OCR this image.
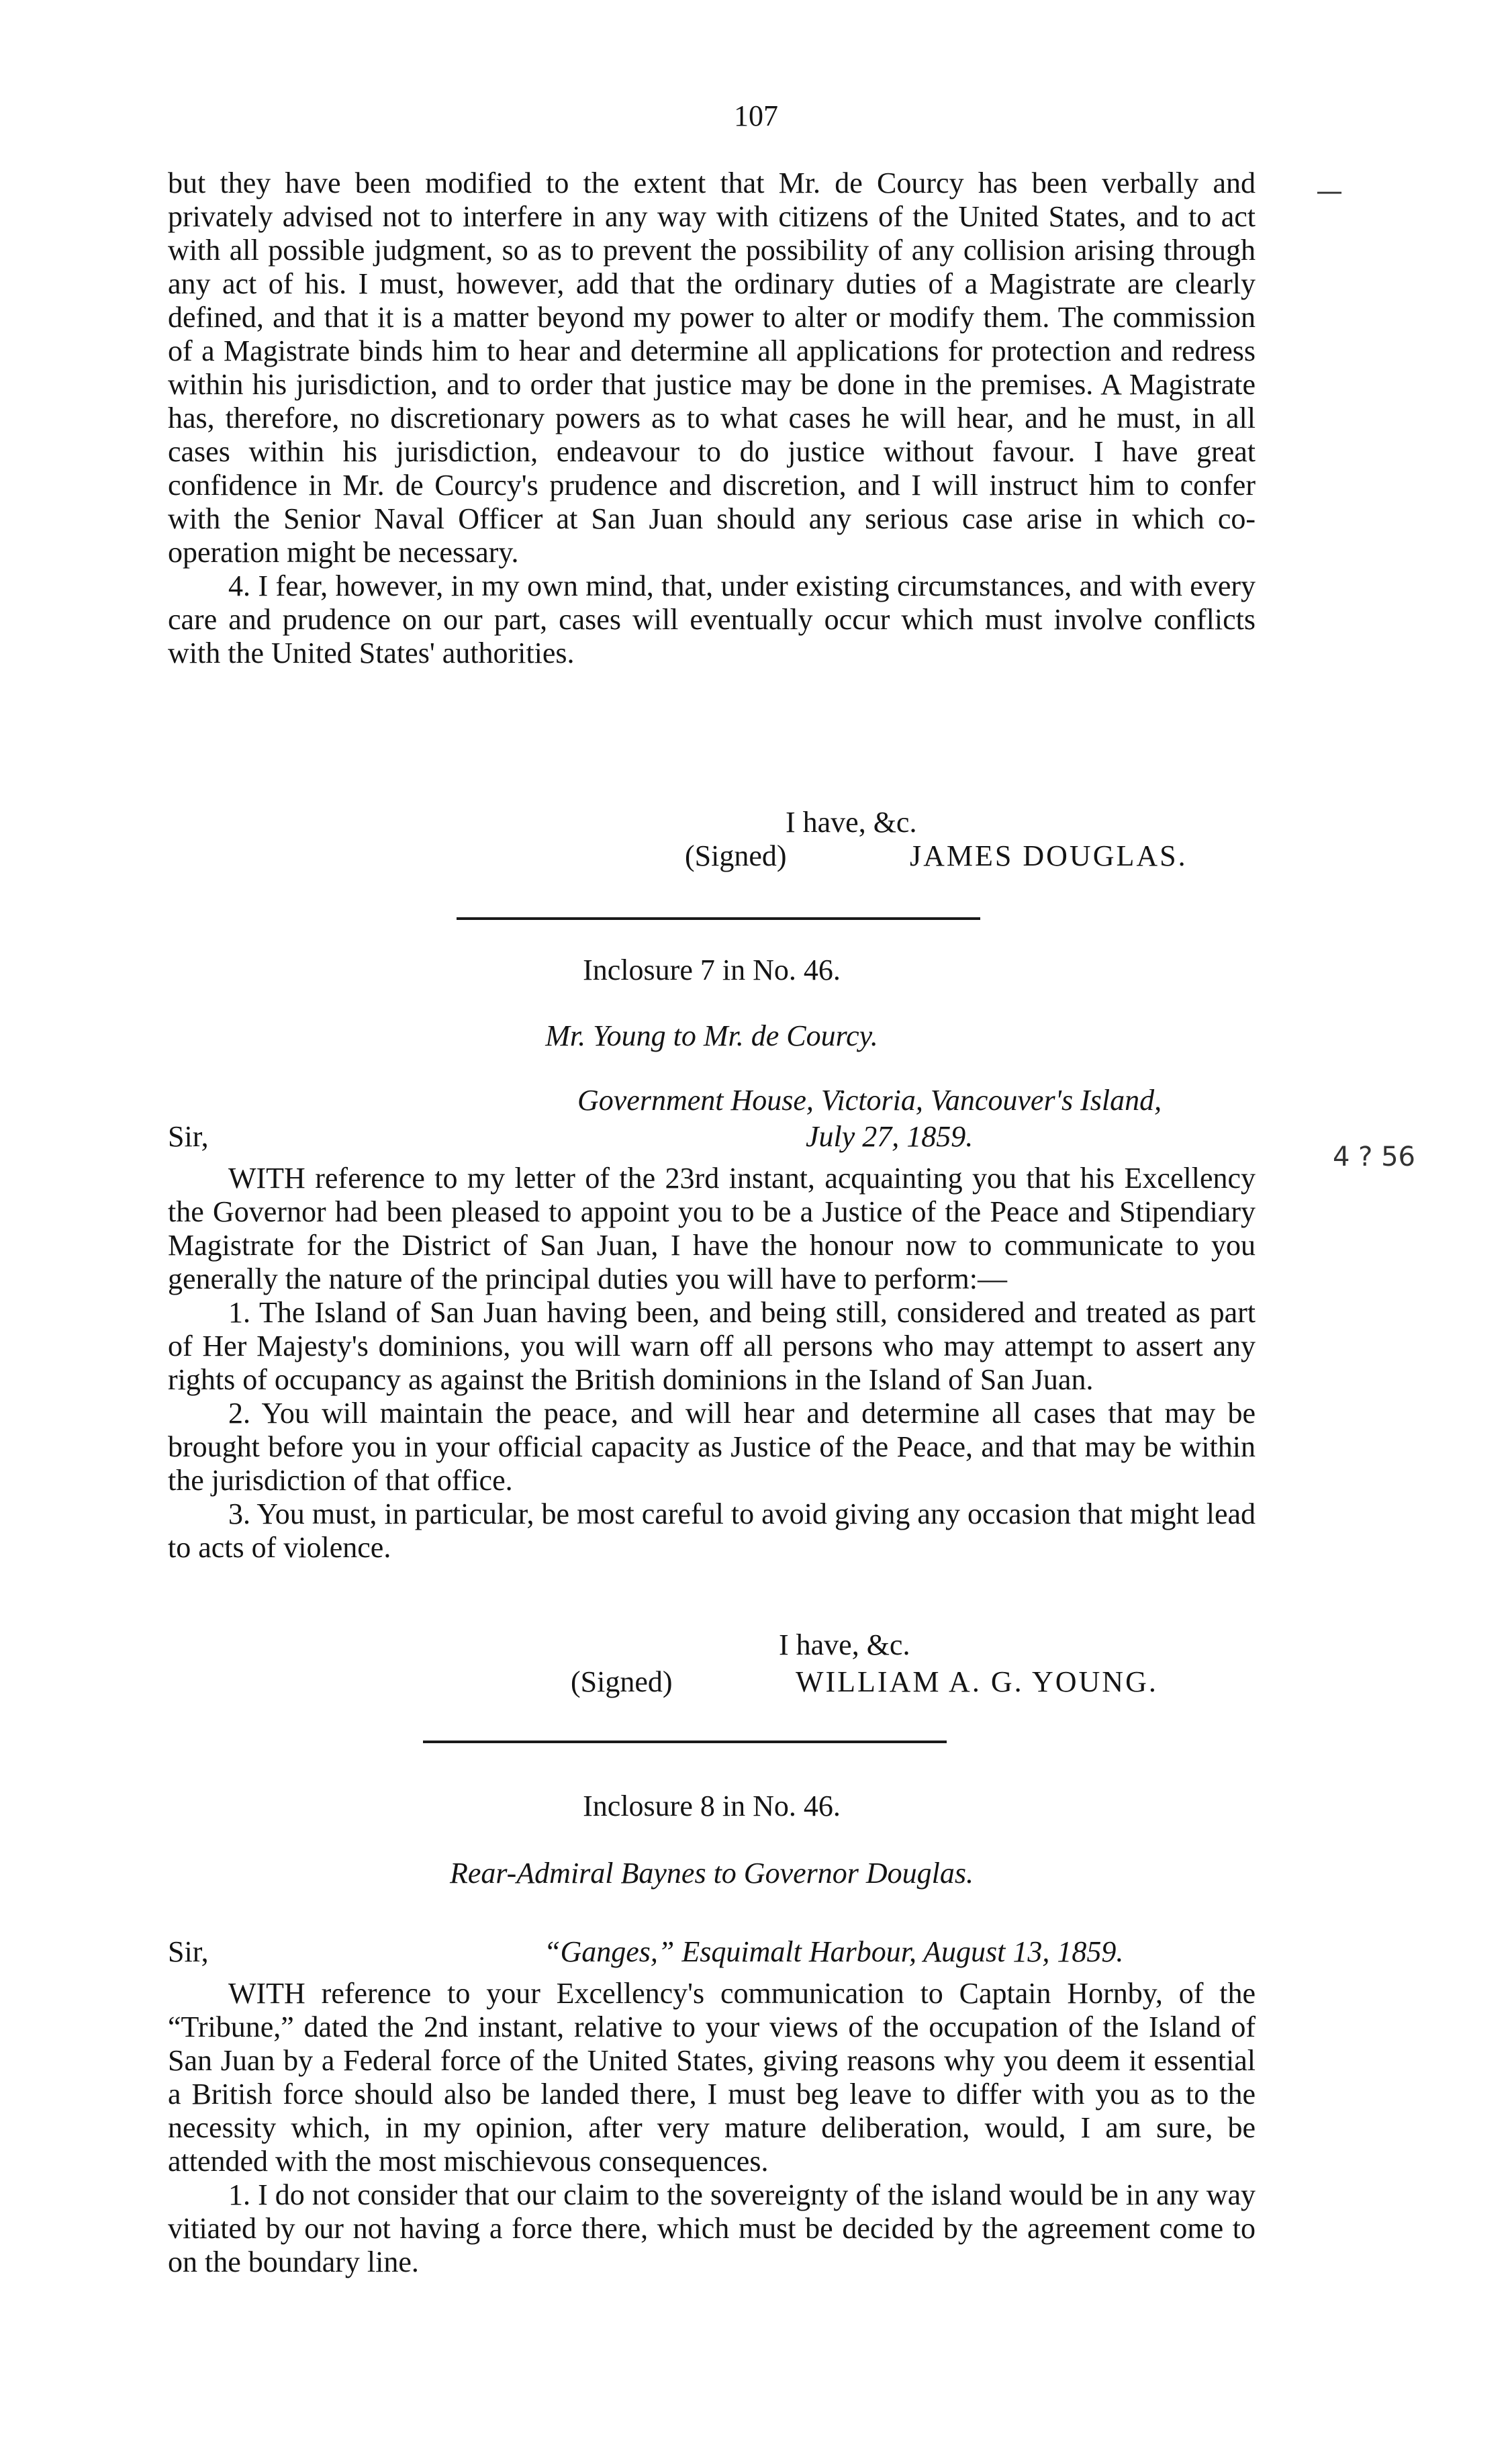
107
—

but they have been modified to the extent that Mr. de Courcy has been verbally and privately advised not to interfere in any way with citizens of the United States, and to act with all possible judgment, so as to prevent the possibility of any collision arising through any act of his. I must, however, add that the ordinary duties of a Magistrate are clearly defined, and that it is a matter beyond my power to alter or modify them. The commission of a Magistrate binds him to hear and determine all applications for protection and redress within his jurisdiction, and to order that justice may be done in the premises. A Magistrate has, therefore, no discretionary powers as to what cases he will hear, and he must, in all cases within his jurisdiction, endeavour to do justice without favour. I have great confidence in Mr. de Courcy's prudence and discretion, and I will instruct him to confer with the Senior Naval Officer at San Juan should any serious case arise in which co-operation might be necessary.

4. I fear, however, in my own mind, that, under existing circumstances, and with every care and prudence on our part, cases will eventually occur which must involve conflicts with the United States' authorities.

I have, &c.
(Signed)	JAMES DOUGLAS.
Inclosure 7 in No. 46.
Mr. Young to Mr. de Courcy.
Government House, Victoria, Vancouver's Island,
Sir,	July 27, 1859.

WITH reference to my letter of the 23rd instant, acquainting you that his Excellency the Governor had been pleased to appoint you to be a Justice of the Peace and Stipendiary Magistrate for the District of San Juan, I have the honour now to communicate to you generally the nature of the principal duties you will have to perform:—

1. The Island of San Juan having been, and being still, considered and treated as part of Her Majesty's dominions, you will warn off all persons who may attempt to assert any rights of occupancy as against the British dominions in the Island of San Juan.

2. You will maintain the peace, and will hear and determine all cases that may be brought before you in your official capacity as Justice of the Peace, and that may be within the jurisdiction of that office.

3. You must, in particular, be most careful to avoid giving any occasion that might lead to acts of violence.

I have, &c.
(Signed)	WILLIAM A. G. YOUNG.
4 ? 56
Inclosure 8 in No. 46.
Rear-Admiral Baynes to Governor Douglas.
Sir,	“Ganges,” Esquimalt Harbour, August 13, 1859.

WITH reference to your Excellency's communication to Captain Hornby, of the “Tribune,” dated the 2nd instant, relative to your views of the occupation of the Island of San Juan by a Federal force of the United States, giving reasons why you deem it essential a British force should also be landed there, I must beg leave to differ with you as to the necessity which, in my opinion, after very mature deliberation, would, I am sure, be attended with the most mischievous consequences.

1. I do not consider that our claim to the sovereignty of the island would be in any way vitiated by our not having a force there, which must be decided by the agreement come to on the boundary line.
